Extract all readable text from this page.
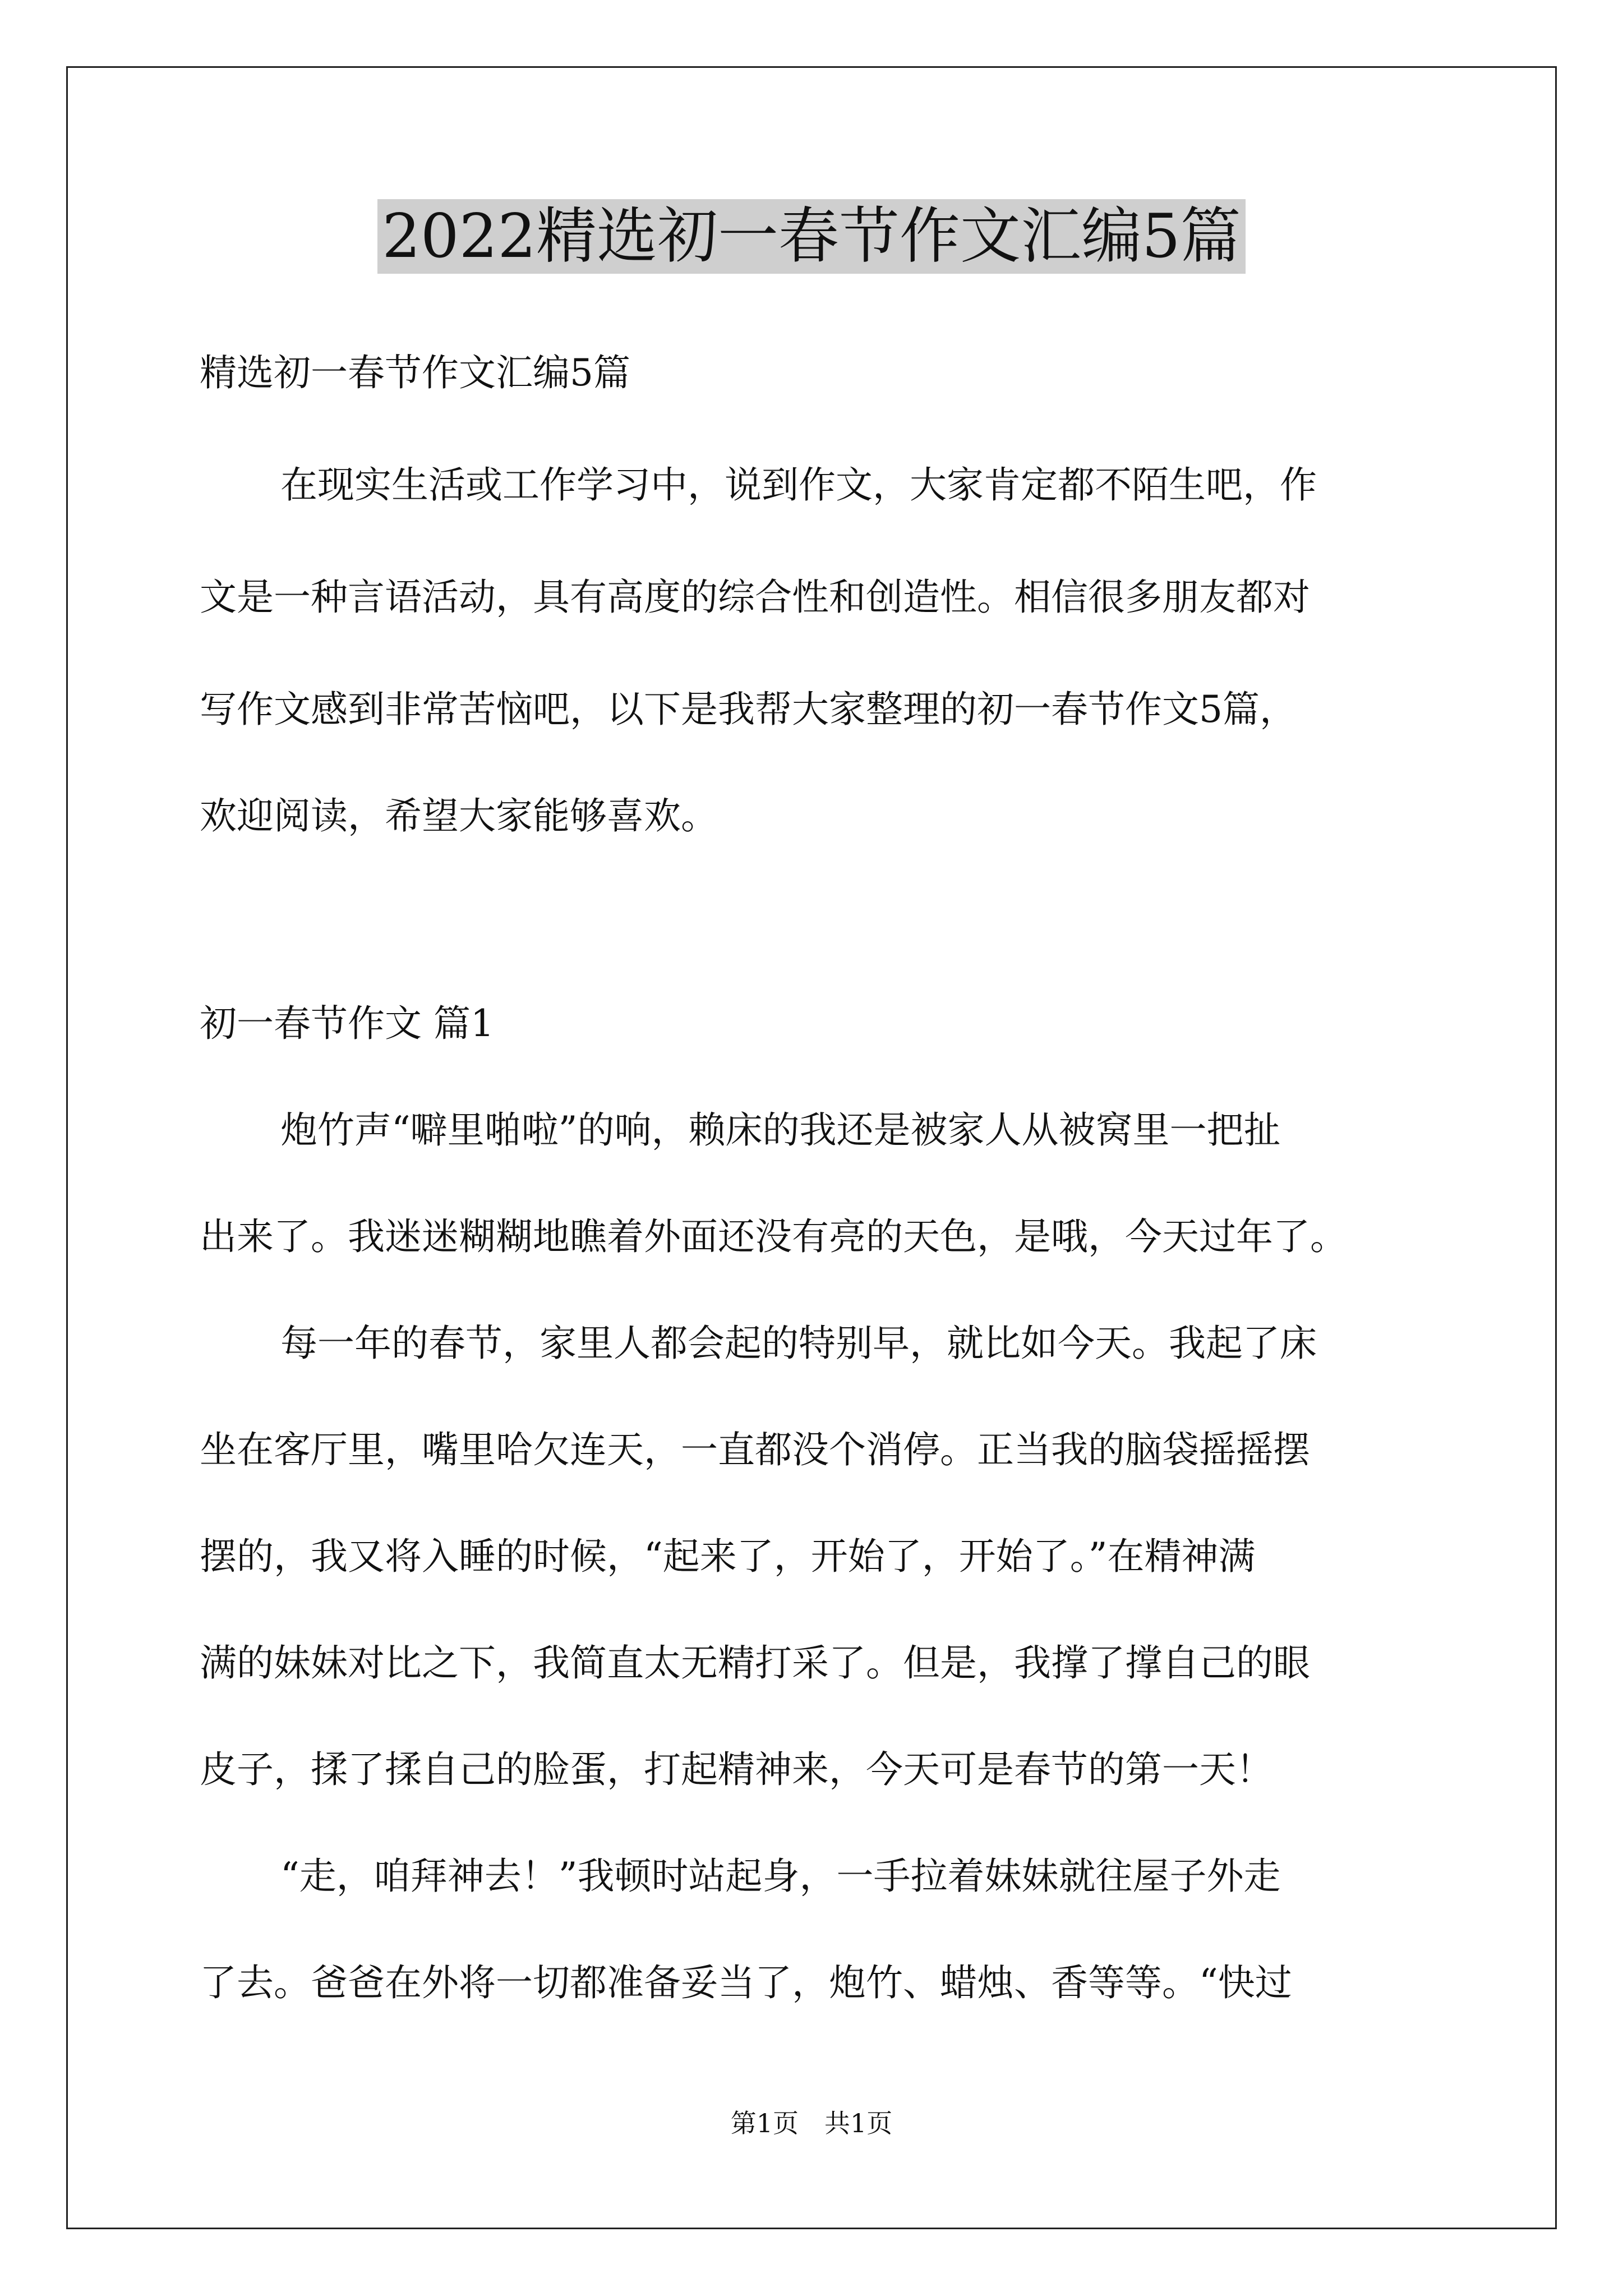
2022精选初一春节作文汇编5篇

精选初一春节作文汇编5篇

在现实生活或工作学习中，说到作文，大家肯定都不陌生吧，作

文是一种言语活动，具有高度的综合性和创造性。相信很多朋友都对

写作文感到非常苦恼吧，以下是我帮大家整理的初一春节作文5篇，

欢迎阅读，希望大家能够喜欢。

初一春节作文 篇1

炮竹声“噼里啪啦”的响，赖床的我还是被家人从被窝里一把扯

出来了。我迷迷糊糊地瞧着外面还没有亮的天色，是哦，今天过年了。

每一年的春节，家里人都会起的特别早，就比如今天。我起了床

坐在客厅里，嘴里哈欠连天，一直都没个消停。正当我的脑袋摇摇摆

摆的，我又将入睡的时候，“起来了，开始了，开始了。”在精神满

满的妹妹对比之下，我简直太无精打采了。但是，我撑了撑自己的眼

皮子，揉了揉自己的脸蛋，打起精神来，今天可是春节的第一天！

“走，咱拜神去！”我顿时站起身，一手拉着妹妹就往屋子外走

了去。爸爸在外将一切都准备妥当了，炮竹、蜡烛、香等等。“快过

第1页　共1页
